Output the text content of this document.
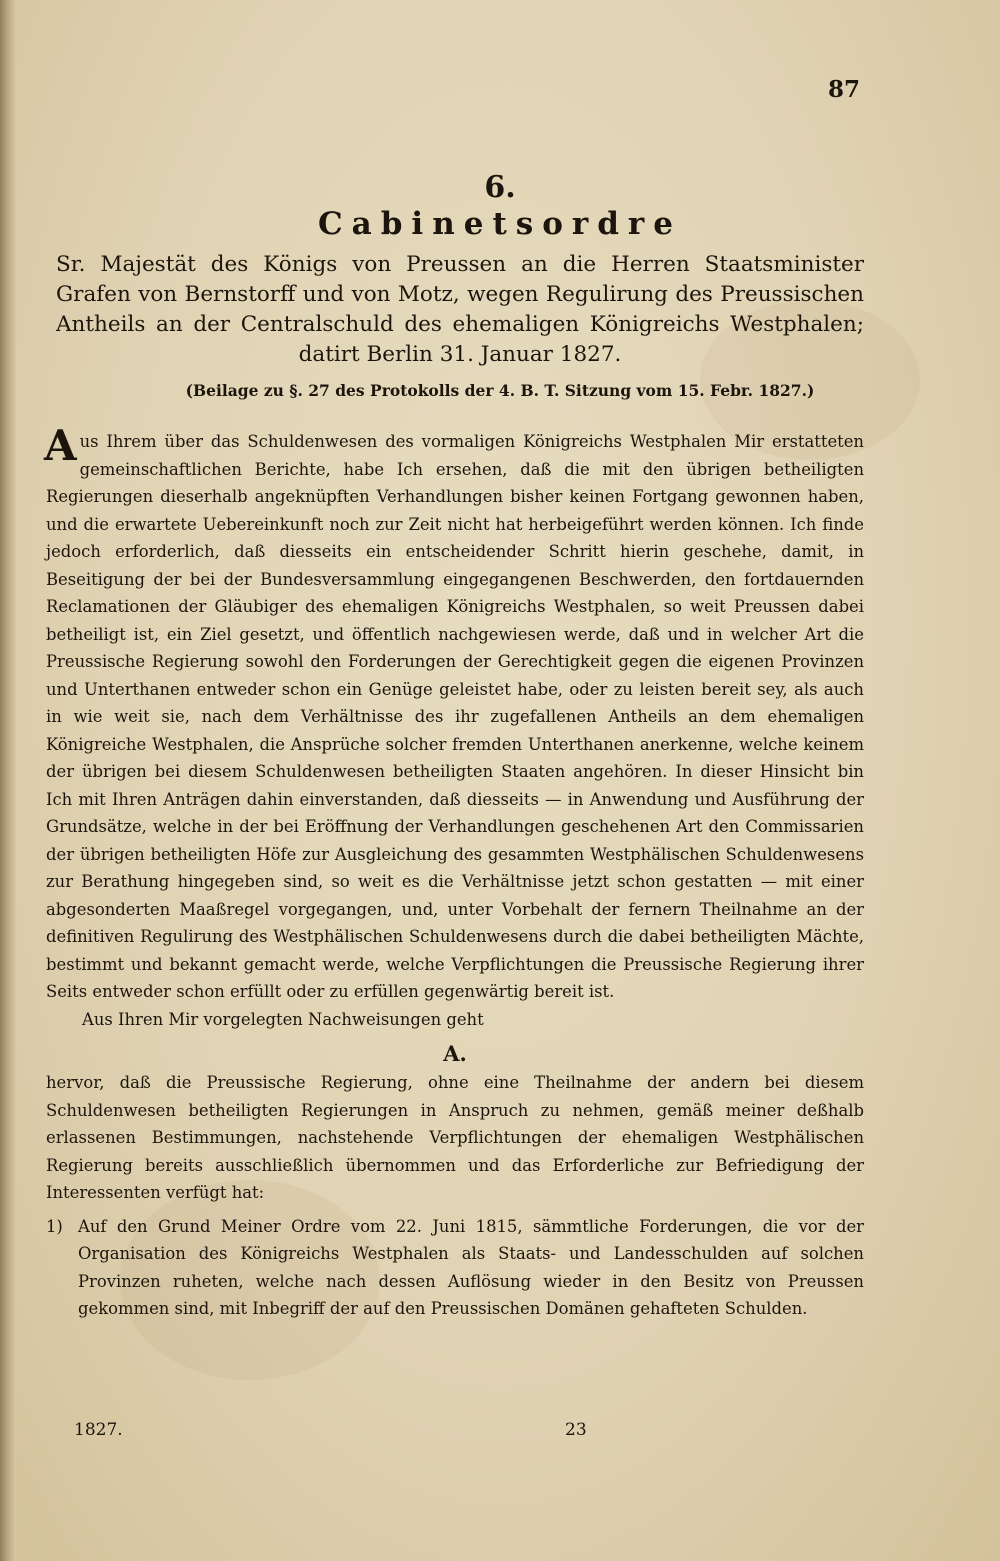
87
6.
Cabinetsordre
Sr. Majestät des Königs von Preussen an die Herren Staatsminister Grafen von Bernstorff und von Motz, wegen Regulirung des Preussischen Antheils an der Centralschuld des ehemaligen Königreichs Westphalen; datirt Berlin 31. Januar 1827.
(Beilage zu §. 27 des Protokolls der 4. B. T. Sitzung vom 15. Febr. 1827.)

Aus Ihrem über das Schuldenwesen des vormaligen Königreichs Westphalen Mir erstatteten gemeinschaftlichen Berichte, habe Ich ersehen, daß die mit den übrigen betheiligten Regierungen dieserhalb angeknüpften Verhandlungen bisher keinen Fortgang gewonnen haben, und die erwartete Uebereinkunft noch zur Zeit nicht hat herbeigeführt werden können. Ich finde jedoch erforderlich, daß diesseits ein entscheidender Schritt hierin geschehe, damit, in Beseitigung der bei der Bundesversammlung eingegangenen Beschwerden, den fortdauernden Reclamationen der Gläubiger des ehemaligen Königreichs Westphalen, so weit Preussen dabei betheiligt ist, ein Ziel gesetzt, und öffentlich nachgewiesen werde, daß und in welcher Art die Preussische Regierung sowohl den Forderungen der Gerechtigkeit gegen die eigenen Provinzen und Unterthanen entweder schon ein Genüge geleistet habe, oder zu leisten bereit sey, als auch in wie weit sie, nach dem Verhältnisse des ihr zugefallenen Antheils an dem ehemaligen Königreiche Westphalen, die Ansprüche solcher fremden Unterthanen anerkenne, welche keinem der übrigen bei diesem Schuldenwesen betheiligten Staaten angehören. In dieser Hinsicht bin Ich mit Ihren Anträgen dahin einverstanden, daß diesseits — in Anwendung und Ausführung der Grundsätze, welche in der bei Eröffnung der Verhandlungen geschehenen Art den Commissarien der übrigen betheiligten Höfe zur Ausgleichung des gesammten Westphälischen Schuldenwesens zur Berathung hingegeben sind, so weit es die Verhältnisse jetzt schon gestatten — mit einer abgesonderten Maaßregel vorgegangen, und, unter Vorbehalt der fernern Theilnahme an der definitiven Regulirung des Westphälischen Schuldenwesens durch die dabei betheiligten Mächte, bestimmt und bekannt gemacht werde, welche Verpflichtungen die Preussische Regierung ihrer Seits entweder schon erfüllt oder zu erfüllen gegenwärtig bereit ist.

Aus Ihren Mir vorgelegten Nachweisungen geht

A.

hervor, daß die Preussische Regierung, ohne eine Theilnahme der andern bei diesem Schuldenwesen betheiligten Regierungen in Anspruch zu nehmen, gemäß meiner deßhalb erlassenen Bestimmungen, nachstehende Verpflichtungen der ehemaligen Westphälischen Regierung bereits ausschließlich übernommen und das Erforderliche zur Befriedigung der Interessenten verfügt hat:

1) Auf den Grund Meiner Ordre vom 22. Juni 1815, sämmtliche Forderungen, die vor der Organisation des Königreichs Westphalen als Staats- und Landesschulden auf solchen Provinzen ruheten, welche nach dessen Auflösung wieder in den Besitz von Preussen gekommen sind, mit Inbegriff der auf den Preussischen Domänen gehafteten Schulden.
1827.	23
